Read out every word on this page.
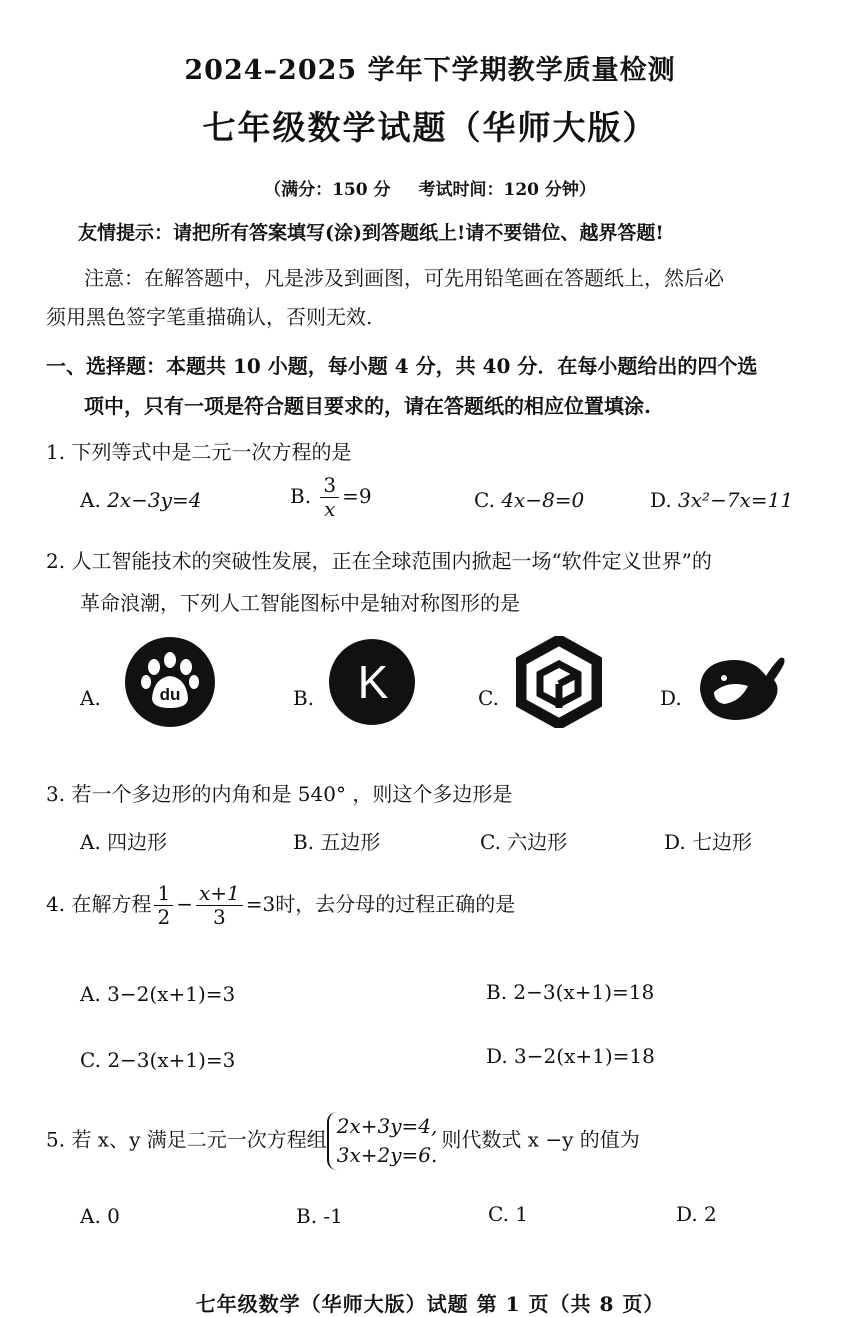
2024–2025 学年下学期教学质量检测
七年级数学试题（华师大版）
（满分：150 分 考试时间：120 分钟）
友情提示：请把所有答案填写(涂)到答题纸上!请不要错位、越界答题!
注意：在解答题中，凡是涉及到画图，可先用铅笔画在答题纸上，然后必
须用黑色签字笔重描确认，否则无效.
一、选择题：本题共 10 小题，每小题 4 分，共 40 分．在每小题给出的四个选
项中，只有一项是符合题目要求的，请在答题纸的相应位置填涂.
1. 下列等式中是二元一次方程的是
A. 2x−3y=4	B. $\frac{3}{x} =9$	C. 4x−8=0	D. 3x²−7x=11
2. 人工智能技术的突破性发展，正在全球范围内掀起一场“软件定义世界”的
革命浪潮，下列人工智能图标中是轴对称图形的是
A.	B.	C.	D.
du	K
3. 若一个多边形的内角和是 540° ，则这个多边形是
A. 四边形	B. 五边形	C. 六边形	D. 七边形
4. 在解方程 $\frac{1}{2} - \frac{x+1}{3} =3$时，去分母的过程正确的是
A. 3−2(x+1)=3	B. 2−3(x+1)=18
C. 2−3(x+1)=3	D. 3−2(x+1)=18
5. 若 x、y 满足二元一次方程组
2x+3y=4,
3x+2y=6.
则代数式 x −y 的值为
A. 0	B. -1	C. 1	D. 2
七年级数学（华师大版）试题 第 1 页（共 8 页）
